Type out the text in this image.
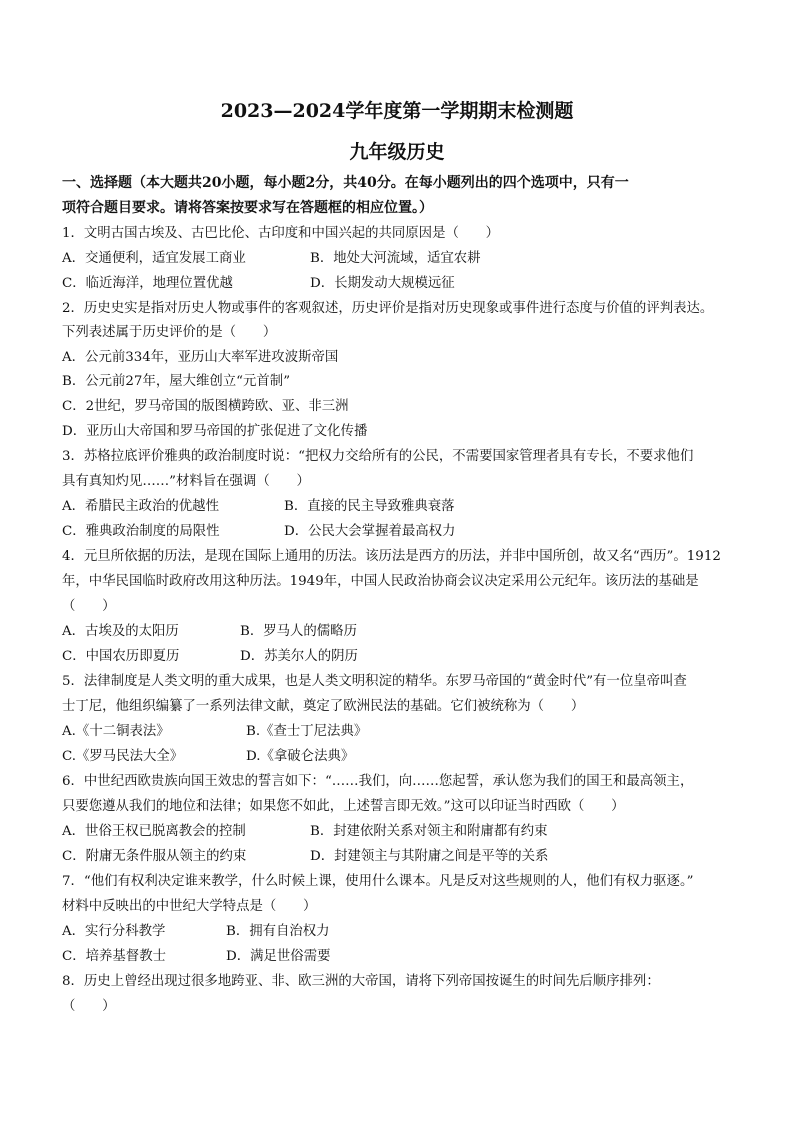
2023—2024学年度第一学期期末检测题
九年级历史
一、选择题（本大题共20小题，每小题2分，共40分。在每小题列出的四个选项中，只有一
项符合题目要求。请将答案按要求写在答题框的相应位置。）
1．文明古国古埃及、古巴比伦、古印度和中国兴起的共同原因是（　　）
A．交通便利，适宜发展工商业	B．地处大河流域，适宜农耕
C．临近海洋，地理位置优越	D．长期发动大规模远征
2．历史史实是指对历史人物或事件的客观叙述，历史评价是指对历史现象或事件进行态度与价值的评判表达。
下列表述属于历史评价的是（　　）
A．公元前334年，亚历山大率军进攻波斯帝国
B．公元前27年，屋大维创立“元首制”
C．2世纪，罗马帝国的版图横跨欧、亚、非三洲
D．亚历山大帝国和罗马帝国的扩张促进了文化传播
3．苏格拉底评价雅典的政治制度时说：“把权力交给所有的公民，不需要国家管理者具有专长，不要求他们
具有真知灼见……”材料旨在强调（　　）
A．希腊民主政治的优越性	B．直接的民主导致雅典衰落
C．雅典政治制度的局限性	D．公民大会掌握着最高权力
4．元旦所依据的历法，是现在国际上通用的历法。该历法是西方的历法，并非中国所创，故又名“西历”。1912
年，中华民国临时政府改用这种历法。1949年，中国人民政治协商会议决定采用公元纪年。该历法的基础是
（　　）
A．古埃及的太阳历	B．罗马人的儒略历
C．中国农历即夏历	D．苏美尔人的阴历
5．法律制度是人类文明的重大成果，也是人类文明积淀的精华。东罗马帝国的“黄金时代”有一位皇帝叫查
士丁尼，他组织编纂了一系列法律文献，奠定了欧洲民法的基础。它们被统称为（　　）
A.《十二铜表法》	B.《查士丁尼法典》
C.《罗马民法大全》	D.《拿破仑法典》
6．中世纪西欧贵族向国王效忠的誓言如下：“……我们，向……您起誓，承认您为我们的国王和最高领主，
只要您遵从我们的地位和法律；如果您不如此，上述誓言即无效。”这可以印证当时西欧（　　）
A．世俗王权已脱离教会的控制	B．封建依附关系对领主和附庸都有约束
C．附庸无条件服从领主的约束	D．封建领主与其附庸之间是平等的关系
7．“他们有权利决定谁来教学，什么时候上课，使用什么课本。凡是反对这些规则的人，他们有权力驱逐。”
材料中反映出的中世纪大学特点是（　　）
A．实行分科教学	B．拥有自治权力
C．培养基督教士	D．满足世俗需要
8．历史上曾经出现过很多地跨亚、非、欧三洲的大帝国，请将下列帝国按诞生的时间先后顺序排列：
（　　）
